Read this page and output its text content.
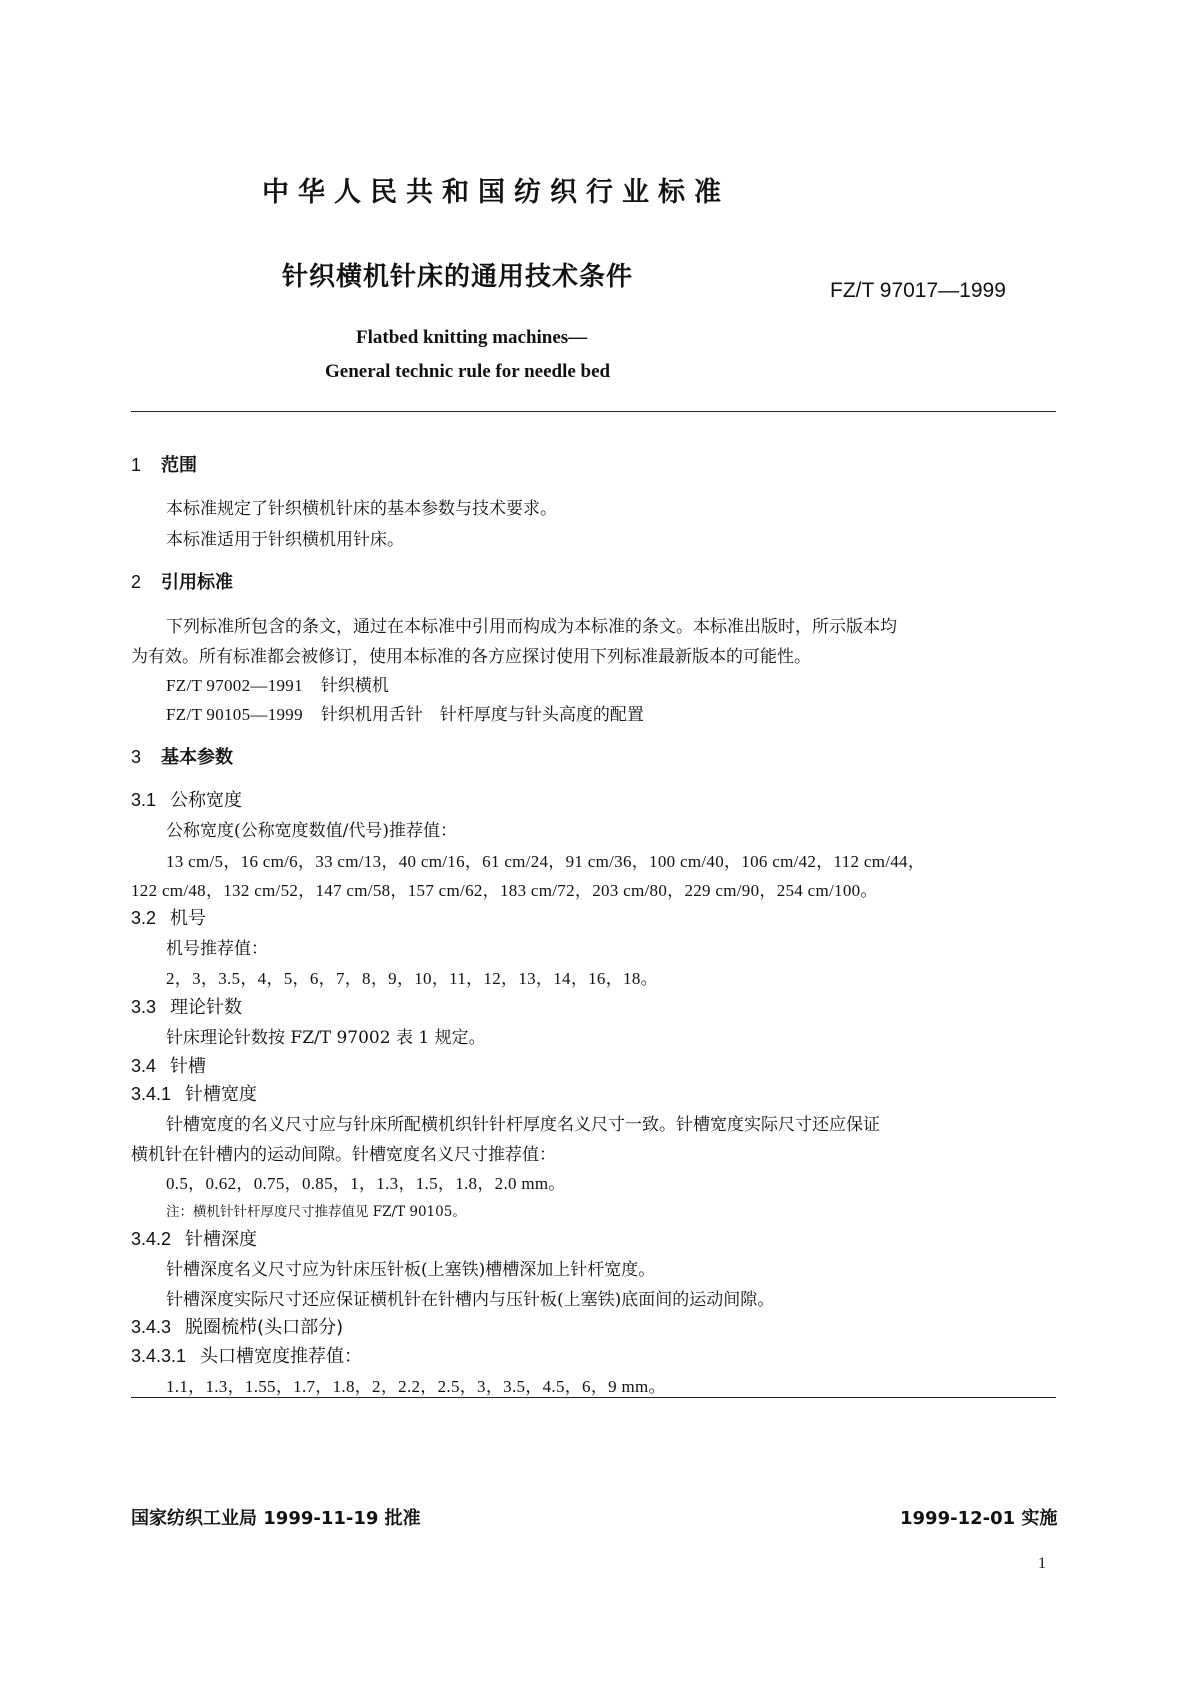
中华人民共和国纺织行业标准
针织横机针床的通用技术条件	FZ/T 97017—1999
Flatbed knitting machines—
General technic rule for needle bed
1 范围
本标准规定了针织横机针床的基本参数与技术要求。
本标准适用于针织横机用针床。
2 引用标准
下列标准所包含的条文，通过在本标准中引用而构成为本标准的条文。本标准出版时，所示版本均
为有效。所有标准都会被修订，使用本标准的各方应探讨使用下列标准最新版本的可能性。
FZ/T 97002—1991 针织横机
FZ/T 90105—1999 针织机用舌针　针杆厚度与针头高度的配置
3 基本参数
3.1 公称宽度
公称宽度(公称宽度数值/代号)推荐值：
13 cm/5，16 cm/6，33 cm/13，40 cm/16，61 cm/24，91 cm/36，100 cm/40，106 cm/42，112 cm/44，
122 cm/48，132 cm/52，147 cm/58，157 cm/62，183 cm/72，203 cm/80，229 cm/90，254 cm/100。
3.2 机号
机号推荐值：
2，3，3.5，4，5，6，7，8，9，10，11，12，13，14，16，18。
3.3 理论针数
针床理论针数按 FZ/T 97002 表 1 规定。
3.4 针槽
3.4.1 针槽宽度
针槽宽度的名义尺寸应与针床所配横机织针针杆厚度名义尺寸一致。针槽宽度实际尺寸还应保证
横机针在针槽内的运动间隙。针槽宽度名义尺寸推荐值：
0.5，0.62，0.75，0.85，1，1.3，1.5，1.8，2.0 mm。
注：横机针针杆厚度尺寸推荐值见 FZ/T 90105。
3.4.2 针槽深度
针槽深度名义尺寸应为针床压针板(上塞铁)槽槽深加上针杆宽度。
针槽深度实际尺寸还应保证横机针在针槽内与压针板(上塞铁)底面间的运动间隙。
3.4.3 脱圈梳栉(头口部分)
3.4.3.1 头口槽宽度推荐值：
1.1，1.3，1.55，1.7，1.8，2，2.2，2.5，3，3.5，4.5，6，9 mm。
国家纺织工业局 1999-11-19 批准	1999-12-01 实施
1
